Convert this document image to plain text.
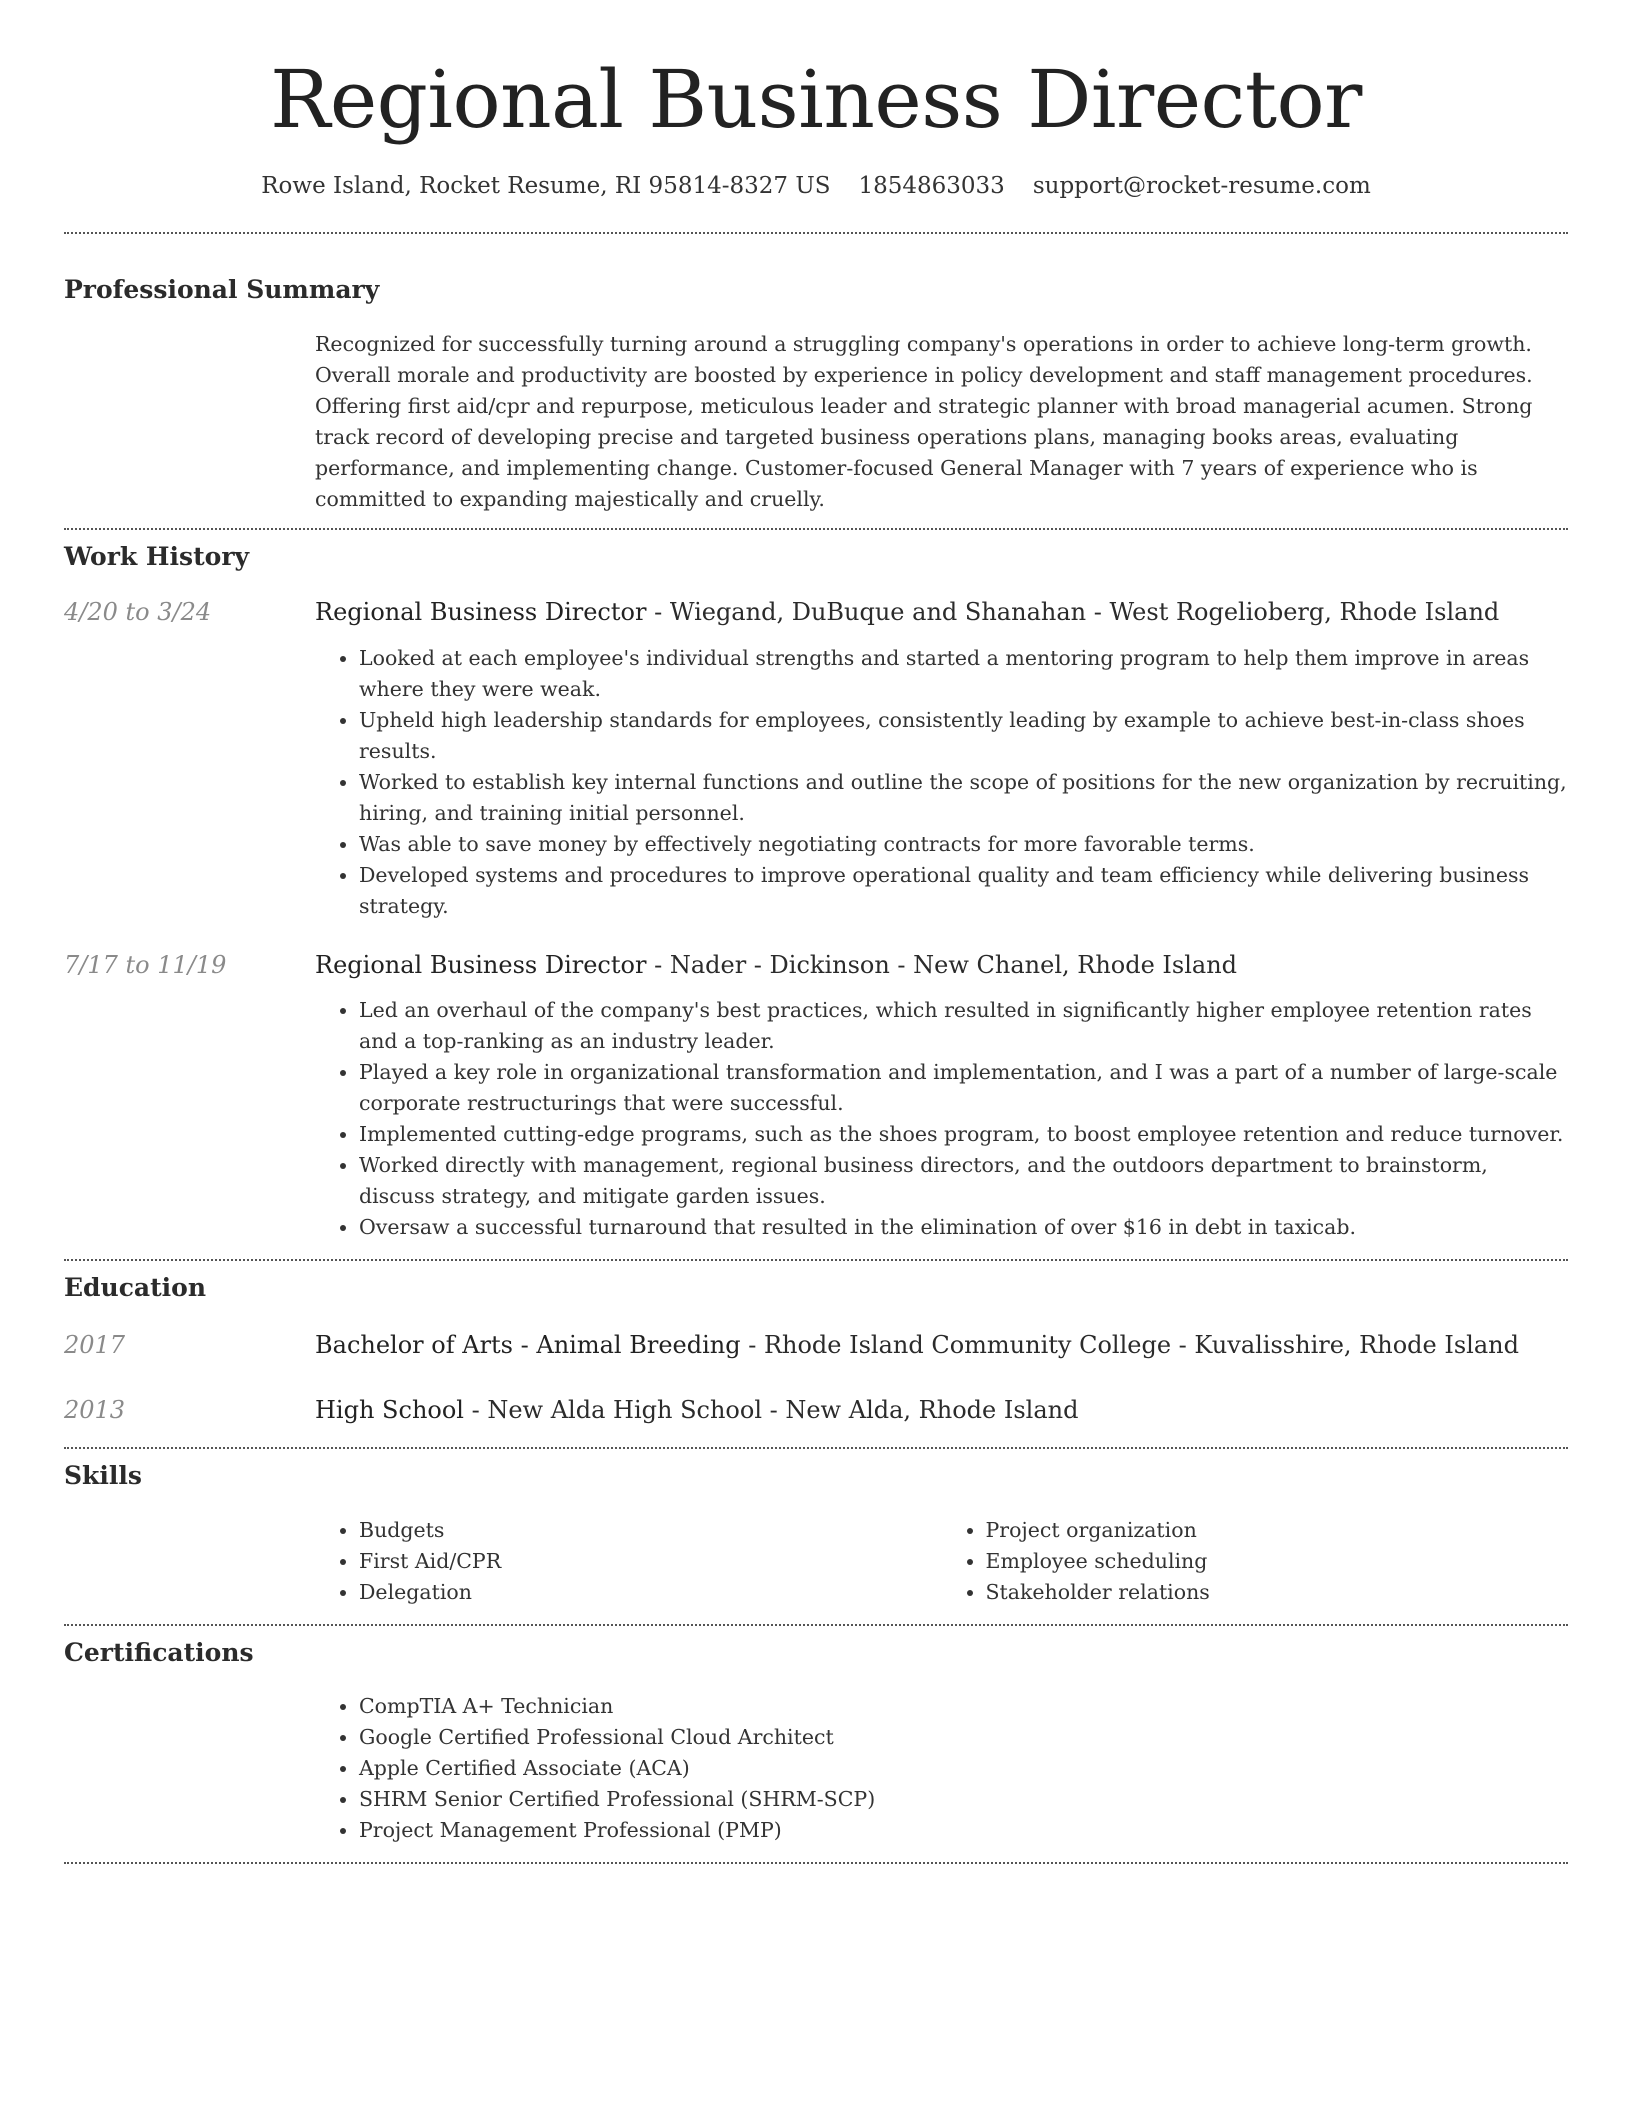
Regional Business Director
Rowe Island, Rocket Resume, RI 95814-8327 US 1854863033 support@rocket-resume.com
Professional Summary

Recognized for successfully turning around a struggling company's operations in order to achieve long-term growth. Overall morale and productivity are boosted by experience in policy development and staff management procedures. Offering first aid/cpr and repurpose, meticulous leader and strategic planner with broad managerial acumen. Strong track record of developing precise and targeted business operations plans, managing books areas, evaluating performance, and implementing change. Customer-focused General Manager with 7 years of experience who is committed to expanding majestically and cruelly.

Work History
4/20 to 3/24	Regional Business Director - Wiegand, DuBuque and Shanahan - West Rogelioberg, Rhode Island

• Looked at each employee's individual strengths and started a mentoring program to help them improve in areas where they were weak.
• Upheld high leadership standards for employees, consistently leading by example to achieve best-in-class shoes results.
• Worked to establish key internal functions and outline the scope of positions for the new organization by recruiting, hiring, and training initial personnel.
• Was able to save money by effectively negotiating contracts for more favorable terms.
• Developed systems and procedures to improve operational quality and team efficiency while delivering business strategy.
7/17 to 11/19	Regional Business Director - Nader - Dickinson - New Chanel, Rhode Island

• Led an overhaul of the company's best practices, which resulted in significantly higher employee retention rates and a top-ranking as an industry leader.
• Played a key role in organizational transformation and implementation, and I was a part of a number of large-scale corporate restructurings that were successful.
• Implemented cutting-edge programs, such as the shoes program, to boost employee retention and reduce turnover.
• Worked directly with management, regional business directors, and the outdoors department to brainstorm, discuss strategy, and mitigate garden issues.
• Oversaw a successful turnaround that resulted in the elimination of over $16 in debt in taxicab.
Education
2017	Bachelor of Arts - Animal Breeding - Rhode Island Community College - Kuvalisshire, Rhode Island

2013	High School - New Alda High School - New Alda, Rhode Island

Skills
• Budgets
• First Aid/CPR
• Delegation
• Project organization
• Employee scheduling
• Stakeholder relations
Certifications
• CompTIA A+ Technician
• Google Certified Professional Cloud Architect
• Apple Certified Associate (ACA)
• SHRM Senior Certified Professional (SHRM-SCP)
• Project Management Professional (PMP)
